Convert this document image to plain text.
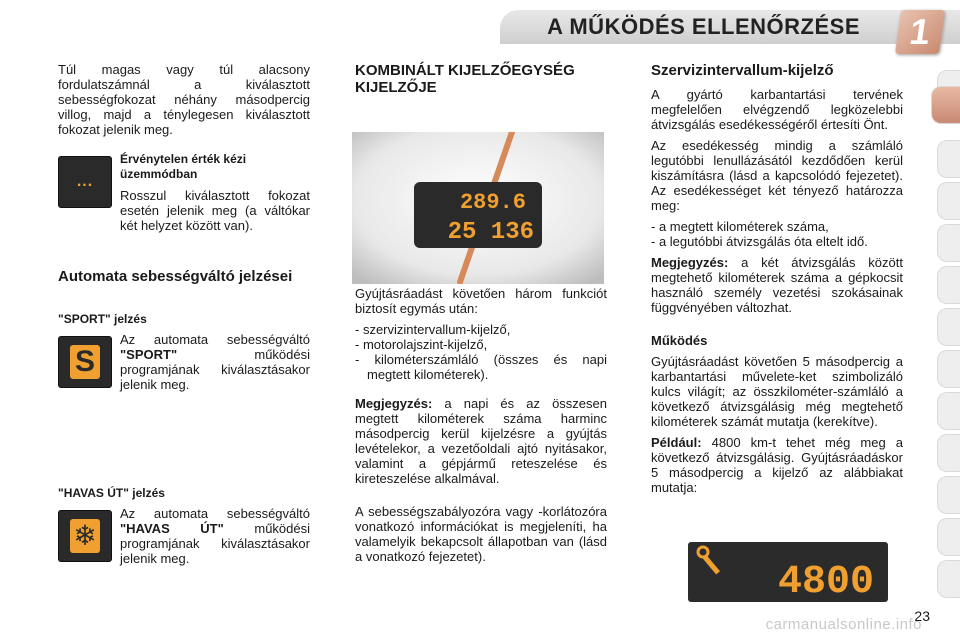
A MŰKÖDÉS ELLENŐRZÉSE	1

Túl magas vagy túl alacsony fordulatszámnál a kiválasztott sebességfokozat néhány másodpercig villog, majd a ténylegesen kiválasztott fokozat jelenik meg.

...
Érvénytelen érték kézi üzemmódban

Rosszul kiválasztott fokozat esetén jelenik meg (a váltókar két helyzet között van).

Automata sebességváltó jelzései
"SPORT" jelzés
S

Az automata sebességváltó "SPORT"	működési programjának kiválasztásakor jelenik meg.

"HAVAS ÚT" jelzés
❄

Az automata sebességváltó "HAVAS ÚT" működési programjának kiválasztásakor jelenik meg.

KOMBINÁLT KIJELZŐEGYSÉG KIJELZŐJE
289.6
25 136

Gyújtásráadást követően három funkciót biztosít egymás után:

- szervizintervallum-kijelző,
- motorolajszint-kijelző,
- kilométerszámláló (összes és napi megtett kilométerek).

Megjegyzés: a napi és az összesen megtett kilométerek száma harminc másodpercig kerül kijelzésre a gyújtás levételekor, a vezetőoldali ajtó nyitásakor, valamint a gépjármű reteszelése és kireteszelése alkalmával.

A sebességszabályozóra vagy -korlátozóra vonatkozó információkat is megjeleníti, ha valamelyik bekapcsolt állapotban van (lásd a vonatkozó fejezetet).

Szervizintervallum-kijelző

A gyártó karbantartási tervének megfelelően elvégzendő legközelebbi átvizsgálás esedékességéről értesíti Önt.

Az esedékesség mindig a számláló legutóbbi lenullázásától kezdődően kerül kiszámításra (lásd a kapcsolódó fejezetet). Az esedékességet két tényező határozza meg:

- a megtett kilométerek száma,
- a legutóbbi átvizsgálás óta eltelt idő.

Megjegyzés: a két átvizsgálás között megtehető kilométerek száma a gépkocsit használó személy vezetési szokásainak függvényében változhat.

Működés

Gyújtásráadást követően 5 másodpercig a karbantartási művelete-ket szimbolizáló kulcs világít; az összkilométer-számláló a következő átvizsgálásig még megtehető kilométerek számát mutatja (kerekítve).

Például: 4800 km-t tehet még meg a következő átvizsgálásig. Gyújtásráadáskor 5 másodpercig a kijelző az alábbiakat mutatja:

4800
23
carmanualsonline.info
